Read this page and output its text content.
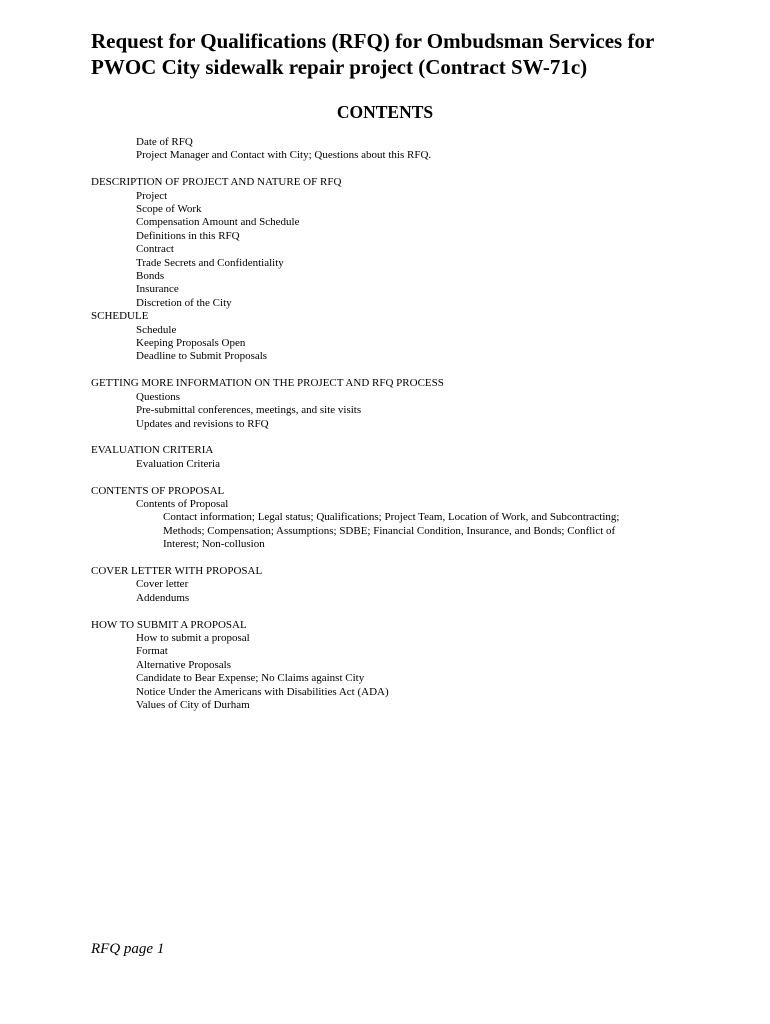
Request for Qualifications (RFQ) for Ombudsman Services for
PWOC City sidewalk repair project (Contract SW-71c)
CONTENTS
Date of RFQ
Project Manager and Contact with City; Questions about this RFQ.
DESCRIPTION OF PROJECT AND NATURE OF RFQ
Project
Scope of Work
Compensation Amount and Schedule
Definitions in this RFQ
Contract
Trade Secrets and Confidentiality
Bonds
Insurance
Discretion of the City
SCHEDULE
Schedule
Keeping Proposals Open
Deadline to Submit Proposals
GETTING MORE INFORMATION ON THE PROJECT AND RFQ PROCESS
Questions
Pre-submittal conferences, meetings, and site visits
Updates and revisions to RFQ
EVALUATION CRITERIA
Evaluation Criteria
CONTENTS OF PROPOSAL
Contents of Proposal
Contact information; Legal status; Qualifications; Project Team, Location of Work, and Subcontracting;
Methods; Compensation; Assumptions; SDBE; Financial Condition, Insurance, and Bonds; Conflict of
Interest; Non-collusion
COVER LETTER WITH PROPOSAL
Cover letter
Addendums
HOW TO SUBMIT A PROPOSAL
How to submit a proposal
Format
Alternative Proposals
Candidate to Bear Expense; No Claims against City
Notice Under the Americans with Disabilities Act (ADA)
Values of City of Durham
RFQ page 1
